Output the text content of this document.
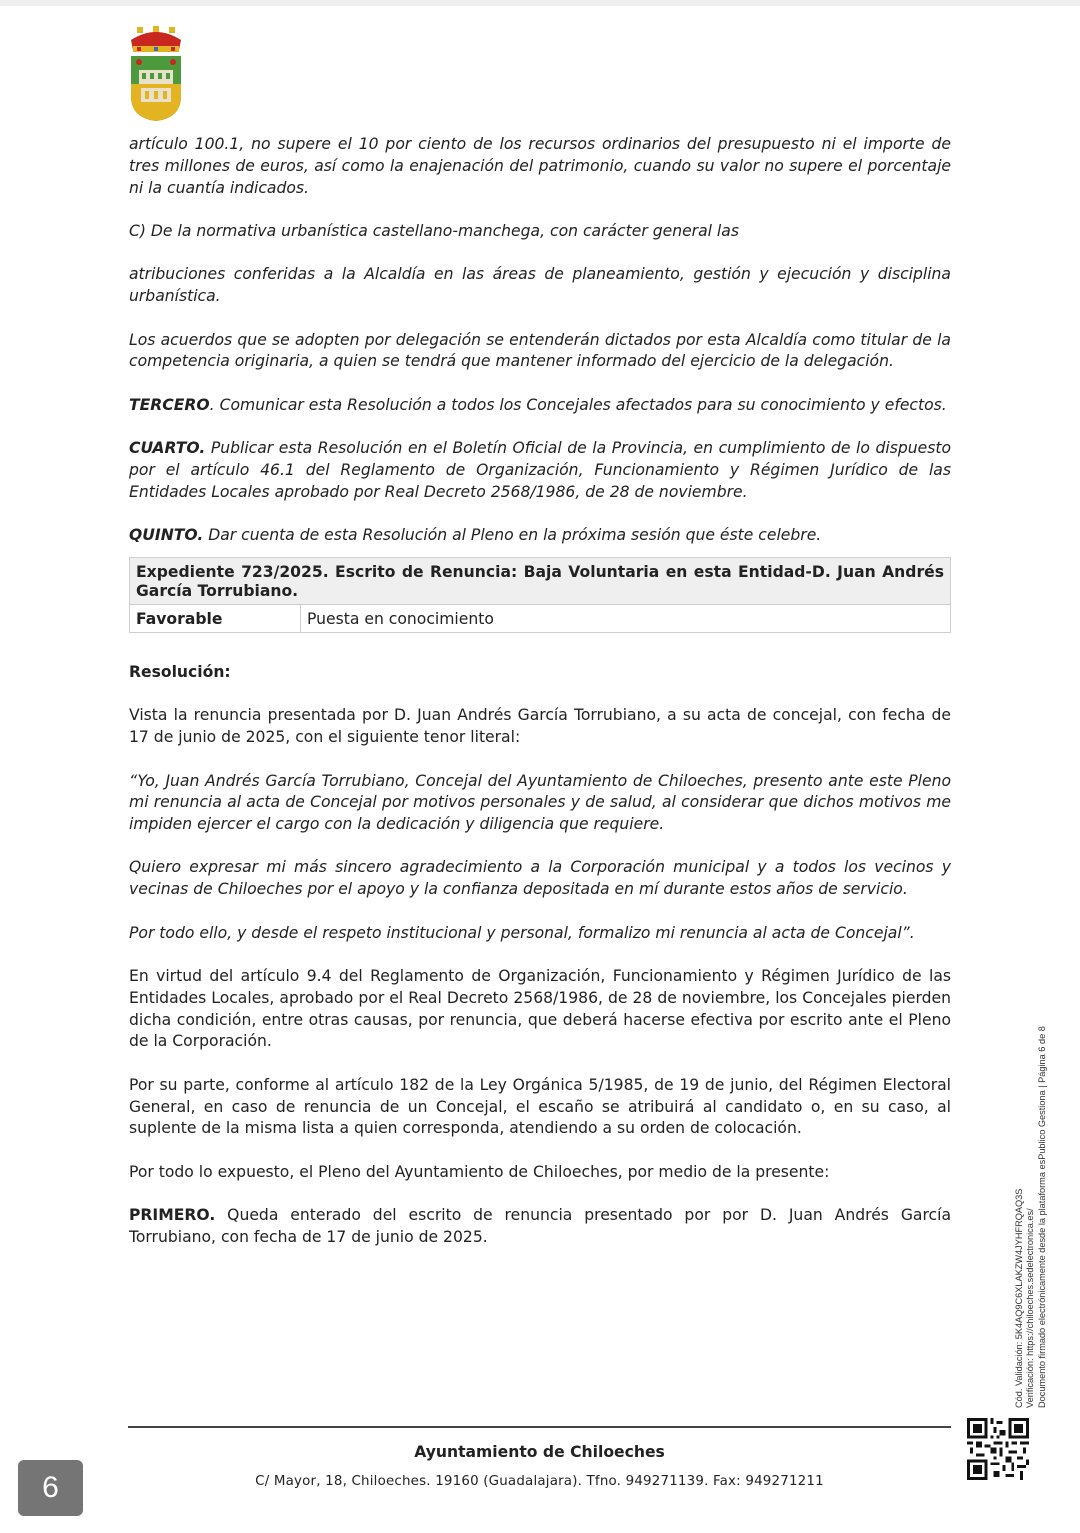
artículo 100.1, no supere el 10 por ciento de los recursos ordinarios del presupuesto ni el importe de tres millones de euros, así como la enajenación del patrimonio, cuando su valor no supere el porcentaje ni la cuantía indicados.

C) De la normativa urbanística castellano-manchega, con carácter general las

atribuciones conferidas a la Alcaldía en las áreas de planeamiento, gestión y ejecución y disciplina urbanística.

Los acuerdos que se adopten por delegación se entenderán dictados por esta Alcaldía como titular de la competencia originaria, a quien se tendrá que mantener informado del ejercicio de la delegación.

TERCERO. Comunicar esta Resolución a todos los Concejales afectados para su conocimiento y efectos.

CUARTO. Publicar esta Resolución en el Boletín Oficial de la Provincia, en cumplimiento de lo dispuesto por el artículo 46.1 del Reglamento de Organización, Funcionamiento y Régimen Jurídico de las Entidades Locales aprobado por Real Decreto 2568/1986, de 28 de noviembre.

QUINTO. Dar cuenta de esta Resolución al Pleno en la próxima sesión que éste celebre.

Expediente 723/2025. Escrito de Renuncia: Baja Voluntaria en esta Entidad-D. Juan Andrés García Torrubiano.
Favorable	Puesta en conocimiento

Resolución:

Vista la renuncia presentada por D. Juan Andrés García Torrubiano, a su acta de concejal, con fecha de 17 de junio de 2025, con el siguiente tenor literal:

“Yo, Juan Andrés García Torrubiano, Concejal del Ayuntamiento de Chiloeches, presento ante este Pleno mi renuncia al acta de Concejal por motivos personales y de salud, al considerar que dichos motivos me impiden ejercer el cargo con la dedicación y diligencia que requiere.

Quiero expresar mi más sincero agradecimiento a la Corporación municipal y a todos los vecinos y vecinas de Chiloeches por el apoyo y la confianza depositada en mí durante estos años de servicio.

Por todo ello, y desde el respeto institucional y personal, formalizo mi renuncia al acta de Concejal”.

En virtud del artículo 9.4 del Reglamento de Organización, Funcionamiento y Régimen Jurídico de las Entidades Locales, aprobado por el Real Decreto 2568/1986, de 28 de noviembre, los Concejales pierden dicha condición, entre otras causas, por renuncia, que deberá hacerse efectiva por escrito ante el Pleno de la Corporación.

Por su parte, conforme al artículo 182 de la Ley Orgánica 5/1985, de 19 de junio, del Régimen Electoral General, en caso de renuncia de un Concejal, el escaño se atribuirá al candidato o, en su caso, al suplente de la misma lista a quien corresponda, atendiendo a su orden de colocación.

Por todo lo expuesto, el Pleno del Ayuntamiento de Chiloeches, por medio de la presente:

PRIMERO. Queda enterado del escrito de renuncia presentado por por D. Juan Andrés García Torrubiano, con fecha de 17 de junio de 2025.	Cód. Validación: 5K4AQ9C6XLAKZW4JYHFRQAQ3S Verificación: https://chiloeches.sedelectronica.es/ Documento firmado electrónicamente desde la plataforma esPublico Gestiona | Página 6 de 8
Ayuntamiento de Chiloeches
C/ Mayor, 18, Chiloeches. 19160 (Guadalajara). Tfno. 949271139. Fax: 949271211
6
